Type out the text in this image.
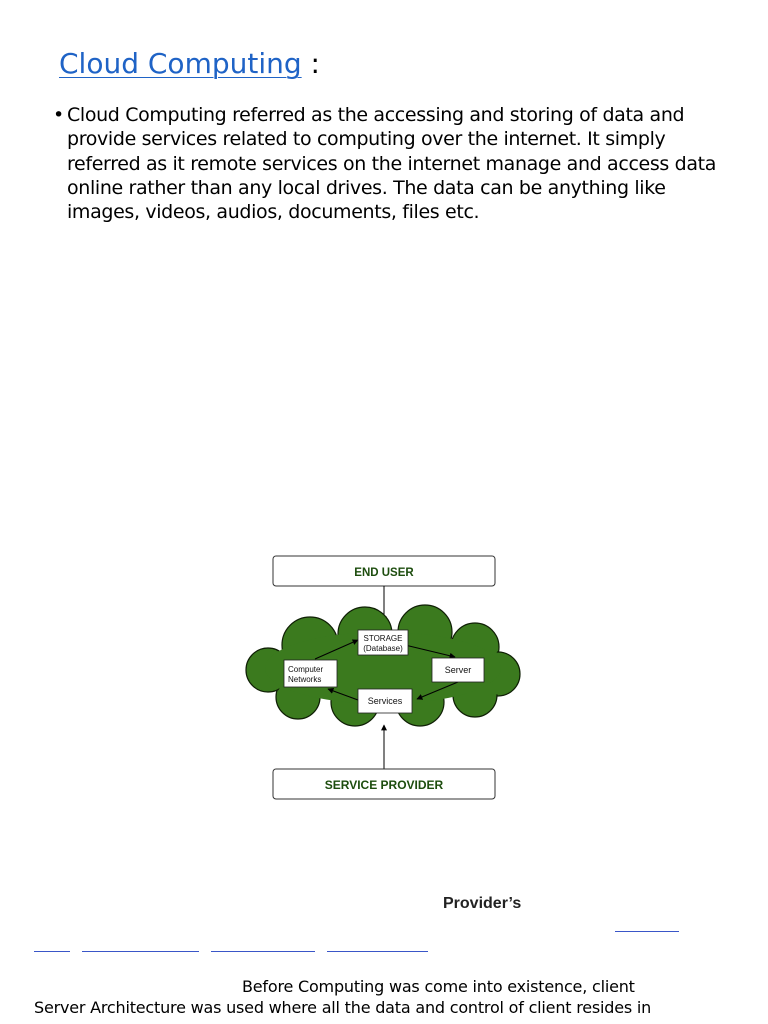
Cloud Computing :
• Cloud Computing referred as the accessing and storing of data and
provide services related to computing over the internet. It simply
referred as it remote services on the internet manage and access data
online rather than any local drives. The data can be anything like
images, videos, audios, documents, files etc.
END USER
STORAGE
(Database)
Computer
Networks
Server
Services
SERVICE PROVIDER
Provider’s
Before Computing was come into existence, client
Server Architecture was used where all the data and control of client resides in
